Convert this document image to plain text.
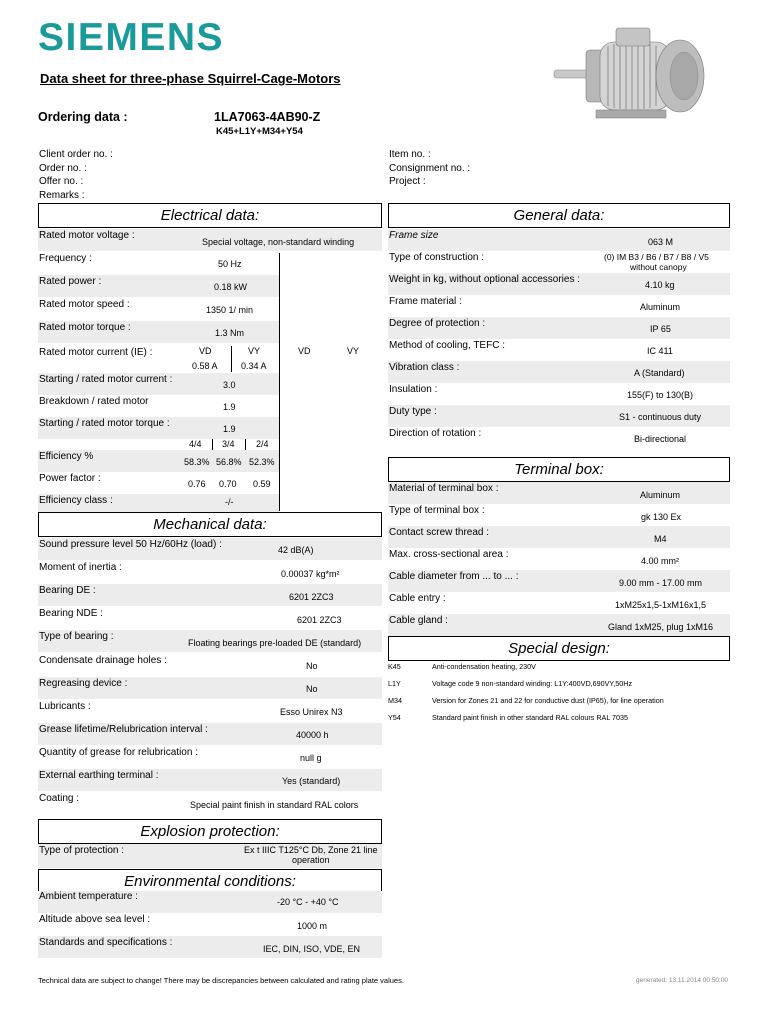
SIEMENS
Data sheet for three-phase Squirrel-Cage-Motors
Ordering data :	1LA7063-4AB90-Z
K45+L1Y+M34+Y54
Client order no. :
Order no. :
Offer no. :
Remarks :
Item no. :
Consignment no. :
Project :
Electrical data:
Rated motor voltage :
Special voltage, non-standard winding
Frequency :	50 Hz
Rated power :	0.18 kW
Rated motor speed :	1350 1/ min
Rated motor torque :	1.3 Nm
Rated motor current (IE) :	VD	VY	VD	VY
0.58 A	0.34 A
Starting / rated motor current :	3.0
Breakdown / rated motor	1.9
Starting / rated motor torque :	1.9
4/4 3/4 2/4
Efficiency %	58.3% 56.8% 52.3%
Power factor :	0.76 0.70 0.59
Efficiency class :	-/-
General data:
Frame size
063 M
Type of construction :	(0) IM B3 / B6 / B7 / B8 / V5
without canopy
Weight in kg, without optional accessories :	4.10 kg
Frame material :	Aluminum
Degree of protection :	IP 65
Method of cooling, TEFC :	IC 411
Vibration class :	A (Standard)
Insulation :	155(F) to 130(B)
Duty type :	S1 - continuous duty
Direction of rotation :	Bi-directional
Terminal box:
Material of terminal box :
Aluminum
Type of terminal box :
gk 130 Ex
Contact screw thread :
M4
Max. cross-sectional area :
4.00 mm²
Cable diameter from ... to ... :
9.00 mm - 17.00 mm
Cable entry :
1xM25x1,5-1xM16x1,5
Cable gland :
Gland 1xM25, plug 1xM16
Special design:
K45	Anti-condensation heating, 230V
L1Y	Voltage code 9 non-standard winding: L1Y:400VD,690VY,50Hz
M34	Version for Zones 21 and 22 for conductive dust (IP65), for line operation
Y54	Standard paint finish in other standard RAL colours RAL 7035
Mechanical data:
Sound pressure level 50 Hz/60Hz (load) :	42 dB(A)
Moment of inertia :
0.00037 kg*m²
Bearing DE :
6201 2ZC3
Bearing NDE :
6201 2ZC3
Type of bearing :
Floating bearings pre-loaded DE (standard)
Condensate drainage holes :	No
Regreasing device :	No
Lubricants :	Esso Unirex N3
Grease lifetime/Relubrication interval :	40000 h
Quantity of grease for relubrication :	null g
External earthing terminal :	Yes (standard)
Coating :
Special paint finish in standard RAL colors
Explosion protection:
Type of protection :	Ex t IIIC T125°C Db, Zone 21 line
operation
Environmental conditions:
Ambient temperature :	-20 °C - +40 °C
Altitude above sea level :
1000 m
Standards and specifications :
IEC, DIN, ISO, VDE, EN
Technical data are subject to change! There may be discrepancies between calculated and rating plate values.	generated: 13.11.2014 00:50:00
